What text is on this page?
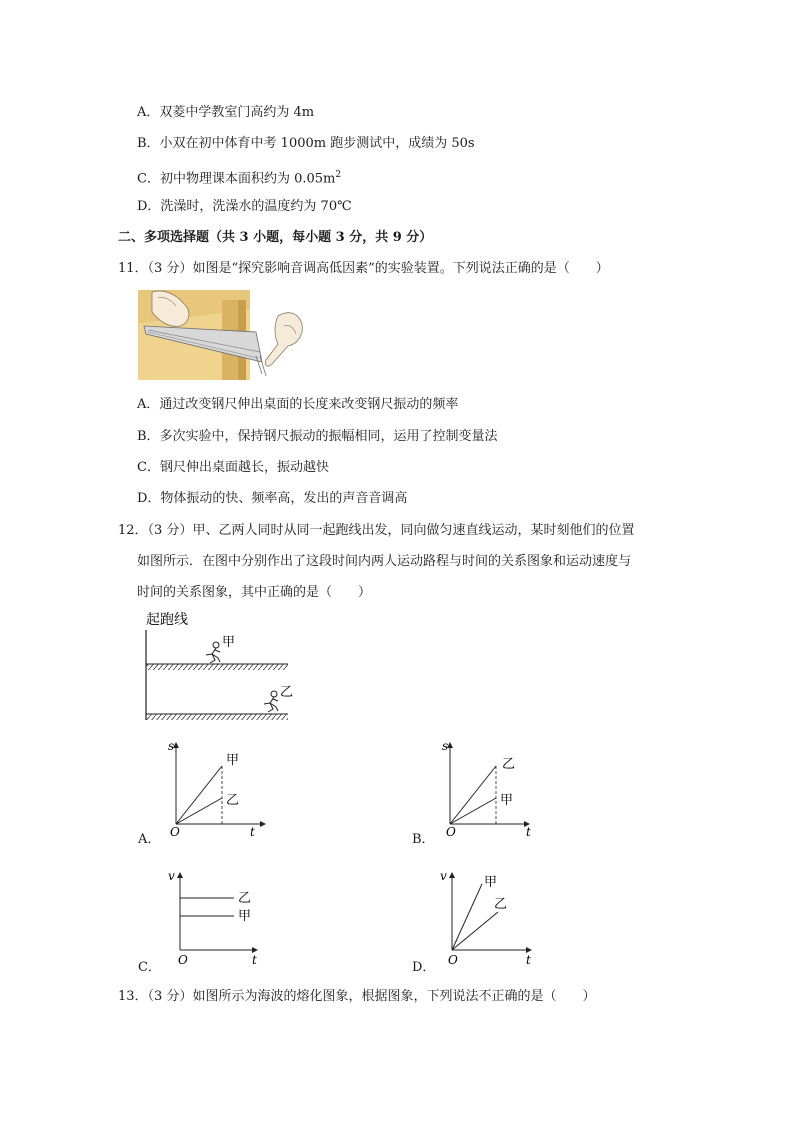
A．双菱中学教室门高约为 4m
B．小双在初中体育中考 1000m 跑步测试中，成绩为 50s
C．初中物理课本面积约为 $0.05m^2$
D．洗澡时，洗澡水的温度约为 70℃
二、多项选择题（共 3 小题，每小题 3 分，共 9 分）
11．（3 分）如图是“探究影响音调高低因素”的实验装置。下列说法正确的是（　　）
A．通过改变钢尺伸出桌面的长度来改变钢尺振动的频率
B．多次实验中，保持钢尺振动的振幅相同，运用了控制变量法
C．钢尺伸出桌面越长，振动越快
D．物体振动的快、频率高，发出的声音音调高
12．（3 分）甲、乙两人同时从同一起跑线出发，同向做匀速直线运动，某时刻他们的位置
如图所示．在图中分别作出了这段时间内两人运动路程与时间的关系图象和运动速度与
时间的关系图象，其中正确的是（　　）
起跑线
甲
乙
A．
s
t
O
甲
乙
B．
s
t
O
乙
甲
C．
v
t
O
乙
甲
D．
v
t
O
甲
乙
13．（3 分）如图所示为海波的熔化图象，根据图象，下列说法不正确的是（　　）
